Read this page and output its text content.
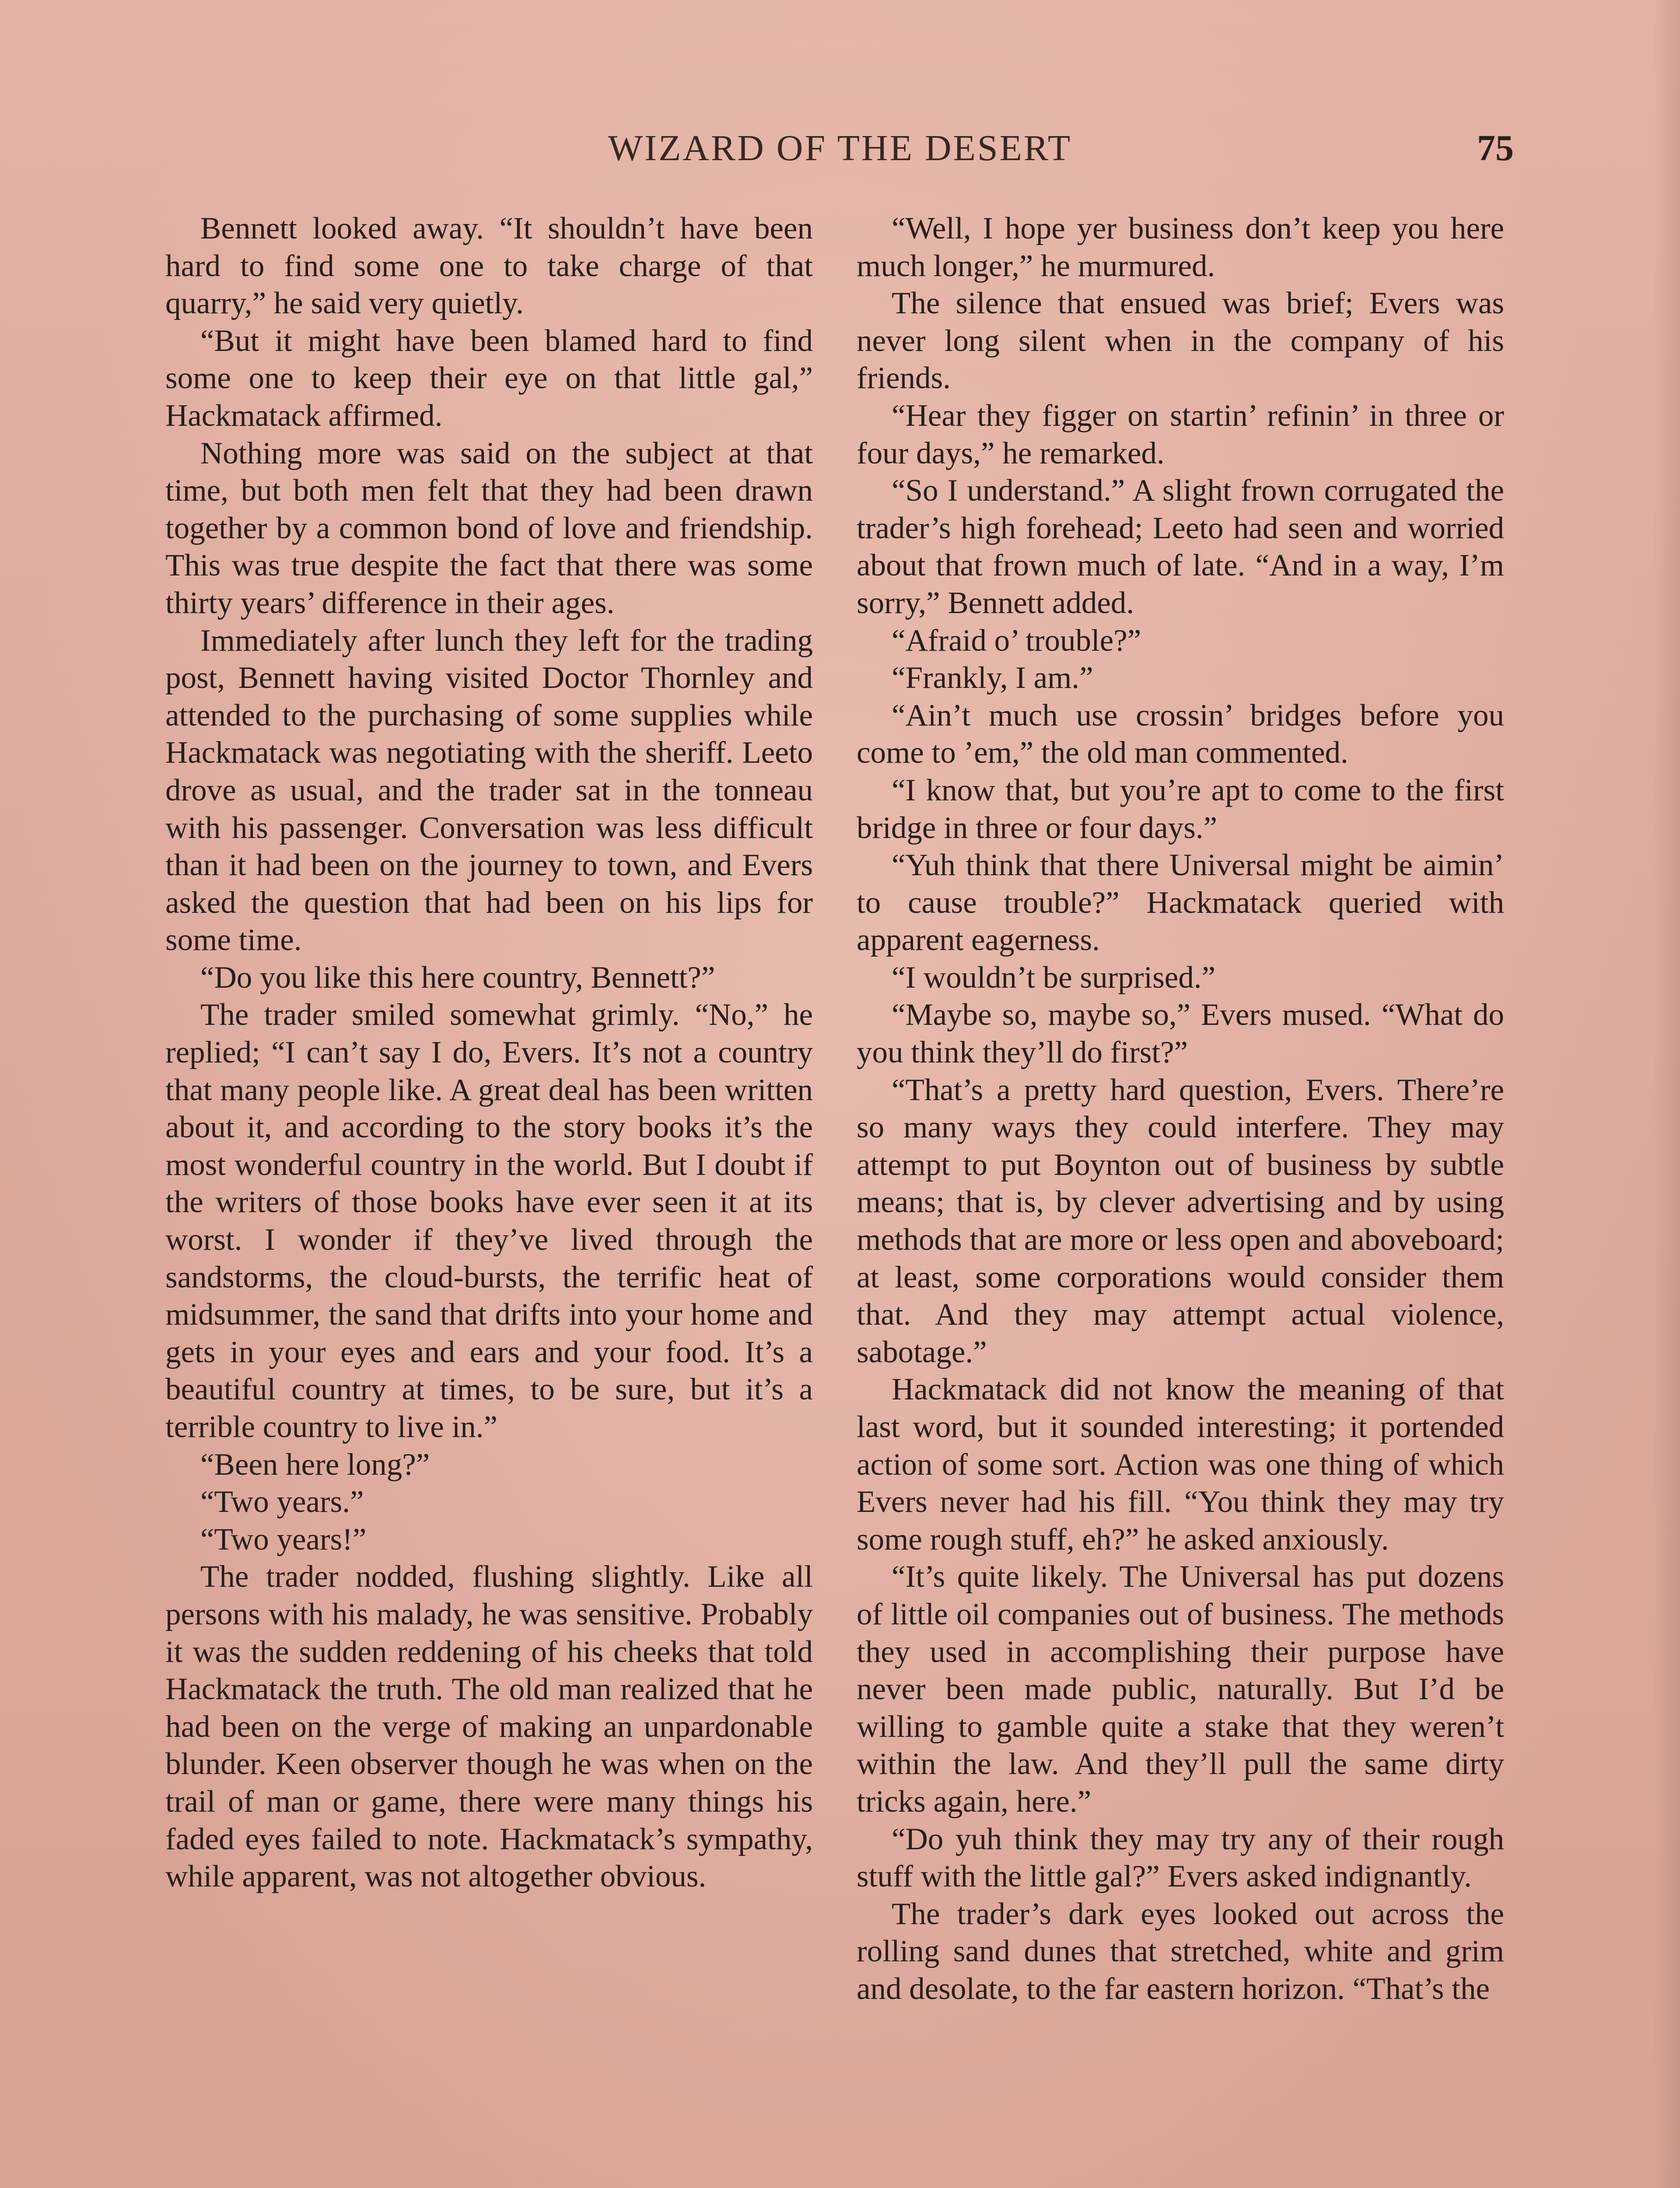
WIZARD OF THE DESERT	75

Bennett looked away. “It shouldn’t have been hard to find some one to take charge of that quarry,” he said very quietly.

“But it might have been blamed hard to find some one to keep their eye on that little gal,” Hackmatack affirmed.

Nothing more was said on the subject at that time, but both men felt that they had been drawn together by a common bond of love and friendship. This was true despite the fact that there was some thirty years’ difference in their ages.

Immediately after lunch they left for the trading post, Bennett having visited Doctor Thornley and attended to the purchasing of some supplies while Hackmatack was negotiating with the sheriff. Leeto drove as usual, and the trader sat in the tonneau with his passenger. Conversation was less difficult than it had been on the journey to town, and Evers asked the question that had been on his lips for some time.

“Do you like this here country, Bennett?”

The trader smiled somewhat grimly. “No,” he replied; “I can’t say I do, Evers. It’s not a country that many people like. A great deal has been written about it, and according to the story books it’s the most wonderful country in the world. But I doubt if the writers of those books have ever seen it at its worst. I wonder if they’ve lived through the sandstorms, the cloud-bursts, the terrific heat of midsummer, the sand that drifts into your home and gets in your eyes and ears and your food. It’s a beautiful country at times, to be sure, but it’s a terrible country to live in.”

“Been here long?”

“Two years.”

“Two years!”

The trader nodded, flushing slightly. Like all persons with his malady, he was sensitive. Probably it was the sudden reddening of his cheeks that told Hackmatack the truth. The old man realized that he had been on the verge of making an unpardonable blunder. Keen observer though he was when on the trail of man or game, there were many things his faded eyes failed to note. Hackmatack’s sympathy, while apparent, was not altogether obvious.

“Well, I hope yer business don’t keep you here much longer,” he murmured.

The silence that ensued was brief; Evers was never long silent when in the company of his friends.

“Hear they figger on startin’ refinin’ in three or four days,” he remarked.

“So I understand.” A slight frown corrugated the trader’s high forehead; Leeto had seen and worried about that frown much of late. “And in a way, I’m sorry,” Bennett added.

“Afraid o’ trouble?”

“Frankly, I am.”

“Ain’t much use crossin’ bridges before you come to ’em,” the old man commented.

“I know that, but you’re apt to come to the first bridge in three or four days.”

“Yuh think that there Universal might be aimin’ to cause trouble?” Hackmatack queried with apparent eagerness.

“I wouldn’t be surprised.”

“Maybe so, maybe so,” Evers mused. “What do you think they’ll do first?”

“That’s a pretty hard question, Evers. There’re so many ways they could interfere. They may attempt to put Boynton out of business by subtle means; that is, by clever advertising and by using methods that are more or less open and aboveboard; at least, some corporations would consider them that. And they may attempt actual violence, sabotage.”

Hackmatack did not know the meaning of that last word, but it sounded interesting; it portended action of some sort. Action was one thing of which Evers never had his fill. “You think they may try some rough stuff, eh?” he asked anxiously.

“It’s quite likely. The Universal has put dozens of little oil companies out of business. The methods they used in accomplishing their purpose have never been made public, naturally. But I’d be willing to gamble quite a stake that they weren’t within the law. And they’ll pull the same dirty tricks again, here.”

“Do yuh think they may try any of their rough stuff with the little gal?” Evers asked indignantly.

The trader’s dark eyes looked out across the rolling sand dunes that stretched, white and grim and desolate, to the far eastern horizon. “That’s the
